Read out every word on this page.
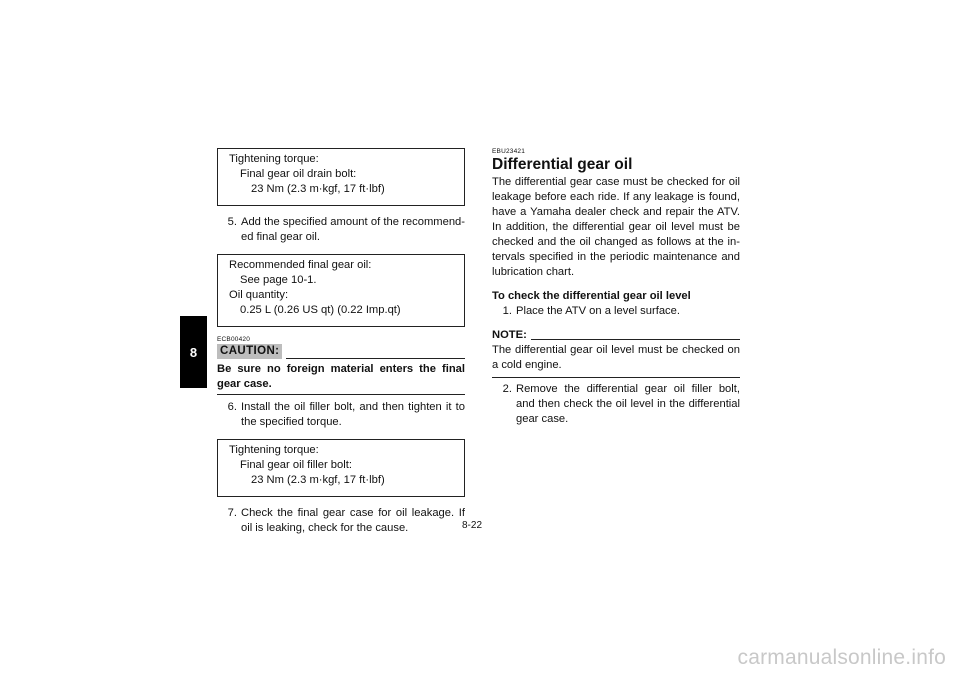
8
Tightening torque:
Final gear oil drain bolt:
23 Nm (2.3 m·kgf, 17 ft·lbf)
5. Add the specified amount of the recommend-ed final gear oil.
Recommended final gear oil:
See page 10-1.
Oil quantity:
0.25 L (0.26 US qt) (0.22 Imp.qt)
ECB00420
CAUTION:
Be sure no foreign material enters the final gear case.
6. Install the oil filler bolt, and then tighten it to the specified torque.
Tightening torque:
Final gear oil filler bolt:
23 Nm (2.3 m·kgf, 17 ft·lbf)
7. Check the final gear case for oil leakage. If oil is leaking, check for the cause.
EBU23421
Differential gear oil
The differential gear case must be checked for oil leakage before each ride. If any leakage is found, have a Yamaha dealer check and repair the ATV. In addition, the differential gear oil level must be checked and the oil changed as follows at the in-tervals specified in the periodic maintenance and lubrication chart.
To check the differential gear oil level
1. Place the ATV on a level surface.
NOTE:
The differential gear oil level must be checked on a cold engine.
2. Remove the differential gear oil filler bolt, and then check the oil level in the differential gear case.
8-22
carmanualsonline.info
